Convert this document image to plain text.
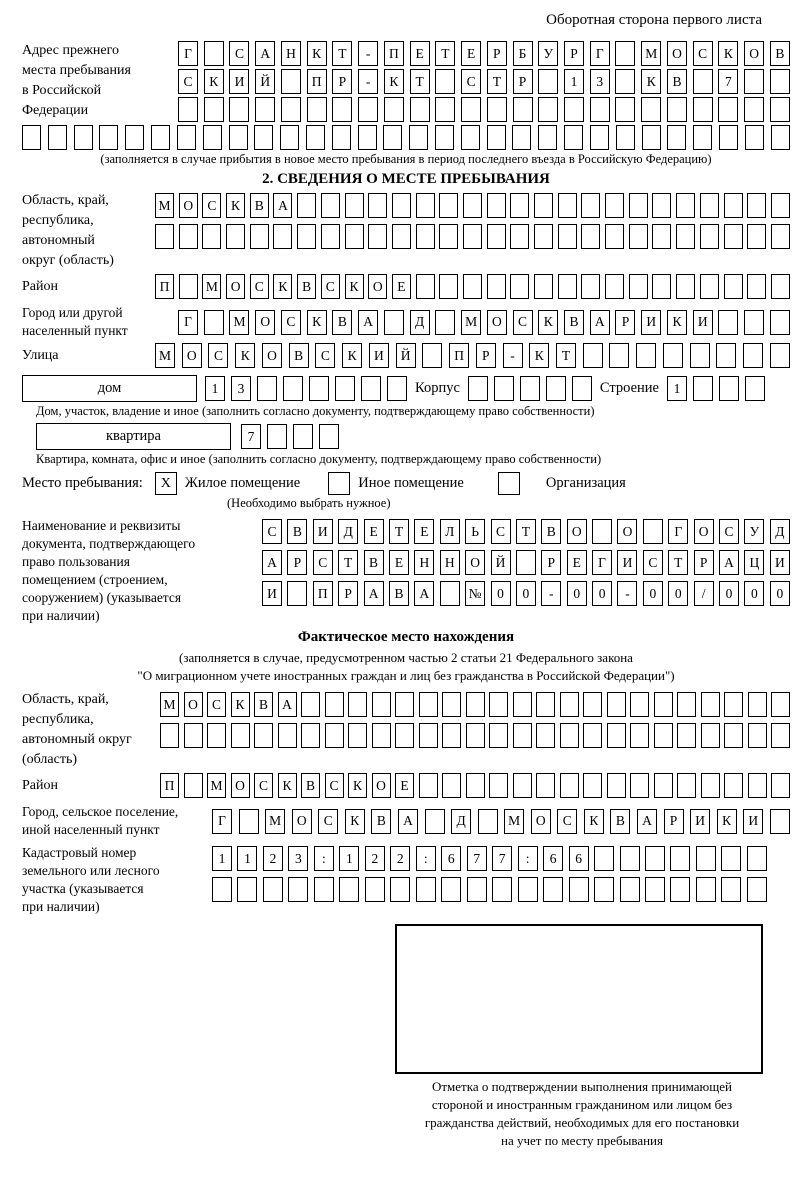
Оборотная сторона первого листа
Адрес прежнего
места пребывания
в Российской
Федерации
Г	С	А	Н	К	Т	-	П	Е	Т	Е	Р	Б	У	Р	Г	М	О	С	К	О	В
С	К	И	Й	П	Р	-	К	Т	С	Т	Р	1	3	К	В	7
(заполняется в случае прибытия в новое место пребывания в период последнего въезда в Российскую Федерацию)
2. СВЕДЕНИЯ О МЕСТЕ ПРЕБЫВАНИЯ
Область, край,
республика,
автономный
округ (область)
М О	С	К	В	А
Район	П	М О	С	К	В	С	К	О	Е
Город или другой
населенный пункт
Г	М	О	С	К	В	А	Д	М	О	С	К	В	А	Р	И	К	И
Улица	М	О	С	К	О	В	С	К	И	Й	П	Р	-	К	Т
дом	1	3	Корпус	Строение	1
Дом, участок, владение и иное (заполнить согласно документу, подтверждающему право собственности)
квартира	7
Квартира, комната, офис и иное (заполнить согласно документу, подтверждающему право собственности)
Место пребывания:	X Жилое помещение	Иное помещение	Организация
(Необходимо выбрать нужное)
Наименование и реквизиты
документа, подтверждающего
право пользования
помещением (строением,
сооружением) (указывается
при наличии)
С	В	И	Д	Е	Т	Е	Л	Ь	С	Т	В	О	О	Г	О	С	У	Д
А	Р	С	Т	В	Е	Н	Н	О	Й	Р	Е	Г	И	С	Т	Р	А	Ц	И
И	П	Р	А	В	А	№	0	0	-	0	0	-	0	0	/	0	0	0
Фактическое место нахождения
(заполняется в случае, предусмотренном частью 2 статьи 21 Федерального закона
"О миграционном учете иностранных граждан и лиц без гражданства в Российской Федерации")
Область, край,
республика,
автономный округ
(область)
М О	С	К	В	А
Район	П	М О	С	К	В	С	К	О	Е
Город, сельское поселение,
иной населенный пункт
Г	М	О	С	К	В	А	Д	М	О	С	К	В	А	Р	И	К	И
Кадастровый номер
земельного или лесного
участка (указывается
при наличии)
1	1	2	3	:	1	2	2	:	6	7	7	:	6	6
Отметка о подтверждении выполнения принимающей
стороной и иностранным гражданином или лицом без
гражданства действий, необходимых для его постановки
на учет по месту пребывания
